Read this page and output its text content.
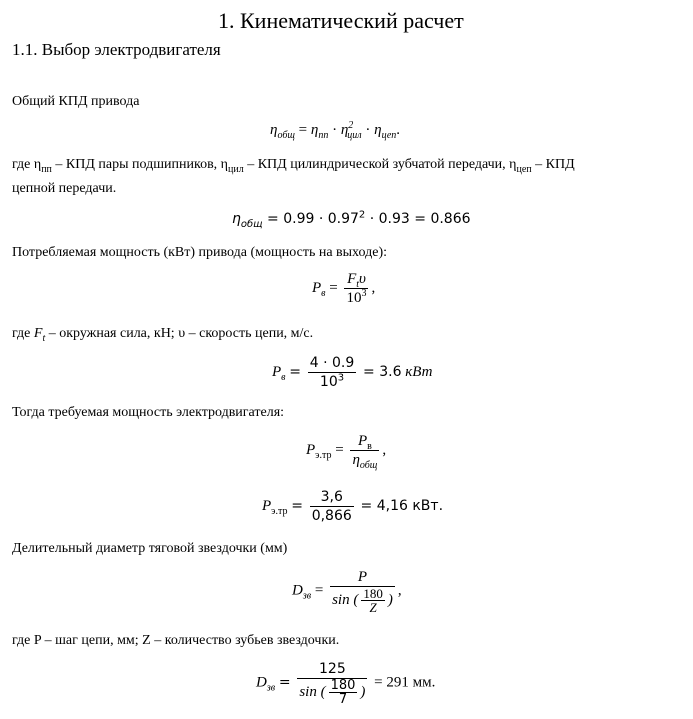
1. Кинематический расчет
1.1. Выбор электродвигателя
Общий КПД привода
$\eta_{общ} = \eta_{пп} \cdot \eta^2_{цил} \cdot \eta_{цеп}$.
где $\eta_{пп}$ – КПД пары подшипников, $\eta_{цил}$ – КПД цилиндрической зубчатой передачи, $\eta_{цеп}$ – КПД
цепной передачи.
$\eta_{общ} = 0.99 \cdot 0.97^2 \cdot 0.93 = 0.866$
Потребляемая мощность (кВт) привода (мощность на выходе):
$P_в = \frac{F_t\upsilon}{10^3}$ ,
где $F_t$ – окружная сила, кН; υ – скорость цепи, м/с.
$P_в = \frac{4 \cdot 0.9}{10^3} = 3.6$ кВт
Тогда требуемая мощность электродвигателя:
$P_{э.тр} = \frac{P_в}{\eta_{общ}}$ ,
$P_{э.тр} = \frac{3,6}{0,866} = 4,16$ кВт.
Делительный диаметр тяговой звездочки (мм)
$D_{зв} = \frac{P}{\sin ( \frac{180}{Z} )}$ ,
где P – шаг цепи, мм; Z – количество зубьев звездочки.
$D_{зв} = \frac{125}{\sin ( \frac{180}{7} )} = 291$ мм.
